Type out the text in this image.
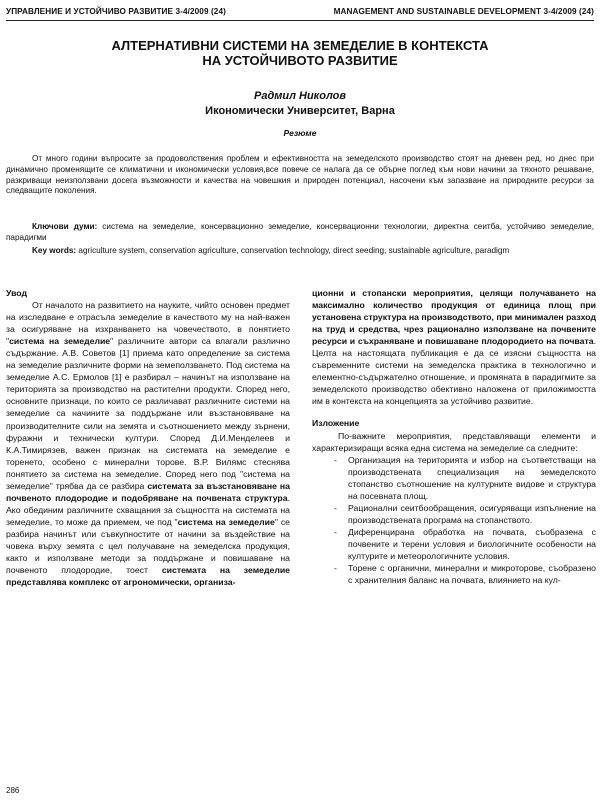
УПРАВЛЕНИЕ И УСТОЙЧИВО РАЗВИТИЕ 3-4/2009 (24)	MANAGEMENT AND SUSTAINABLE DEVELOPMENT 3-4/2009 (24)
АЛТЕРНАТИВНИ СИСТЕМИ НА ЗЕМЕДЕЛИЕ В КОНТЕКСТА
НА УСТОЙЧИВОТО РАЗВИТИЕ
Радмил Николов
Икономически Университет, Варна
Резюме

От много години въпросите за продоволствения проблем и ефективността на земеделското производство стоят на дневен ред, но днес при динамично променящите се климатични и икономически условия,все повече се налага да се обърне поглед към нови начини за тяхното решаване, разкриващи неизползвани досега възможности и качества на човешкия и природен потенциал, насочени към запазване на природните ресурси за следващите поколения.

Ключови думи: система на земеделие, консервационно земеделие, консервационни технологии, директна сеитба, устойчиво земеделие, парадигми

Key words: agriculture system, conservation agriculture, conservation technology, direct seeding, sustainable agriculture, paradigm

Увод

От началото на развитието на науките, чийто основен предмет на изследване е отрасъла земеделие в качеството му на най-важен за осигуряване на изхранването на човечеството, в понятието "система на земеделие" различните автори са влагали различно съдържание. А.В. Советов [1] приема като определение за система на земеделие различните форми на земеползването. Под система на земеделие А.С. Ермолов [1] е разбирал – начинът на използване на територията за производство на растителни продукти. Според него, основните признаци, по които се различават различните системи на земеделие са начините за поддържане или възстановяване на производителните сили на земята и съотношението между зърнени, фуражни и технически култури. Според Д.И.Менделеев и К.А.Тимирязев, важен признак на системата на земеделие е торенето, особено с минерални торове. В.Р. Вилямс стеснява понятието за система на земеделие. Според него под "система на земеделие" трябва да се разбира системата за възстановяване на почвеното плодородие и подобряване на почвената структура. Ако обединим различните схващания за същността на системата на земеделие, то може да приемем, че под "система на земеделие" се разбира начинът или съвкупностите от начини за въздействие на човека върху земята с цел получаване на земеделска продукция, както и използване методи за поддържане и повишаване на почвеното плодородие, тоест системата на земеделие представлява комплекс от агрономически, организа-

ционни и стопански мероприятия, целящи получаването на максимално количество продукция от единица площ при установена структура на производството, при минимален разход на труд и средства, чрез рационално използване на почвените ресурси и съхраняване и повишаване плодородието на почвата. Целта на настоящата публикация е да се изясни същността на съвременните системи на земеделска практика в технологично и елементно-съдържателно отношение, и промяната в парадигмите за земеделското производство обективно наложена от приложимостта им в контекста на концепцията за устойчиво развитие.

Изложение

По-важните мероприятия, представляващи елементи и характеризиращи всяка една система на земеделие са следните:

- Организация на територията и избор на съответстващи на производствената специализация на земеделското стопанство съотношение на културните видове и структура на посевната площ.
- Рационални сеитбообращения, осигуряващи изпълнение на производствената програма на стопанството.
- Диференцирана обработка на почвата, съобразена с почвените и терени условия и биологичните особености на културите и метеорологичните условия.
- Торене с органични, минерални и микроторове, съобразено с хранителния баланс на почвата, влиянието на кул-
286
